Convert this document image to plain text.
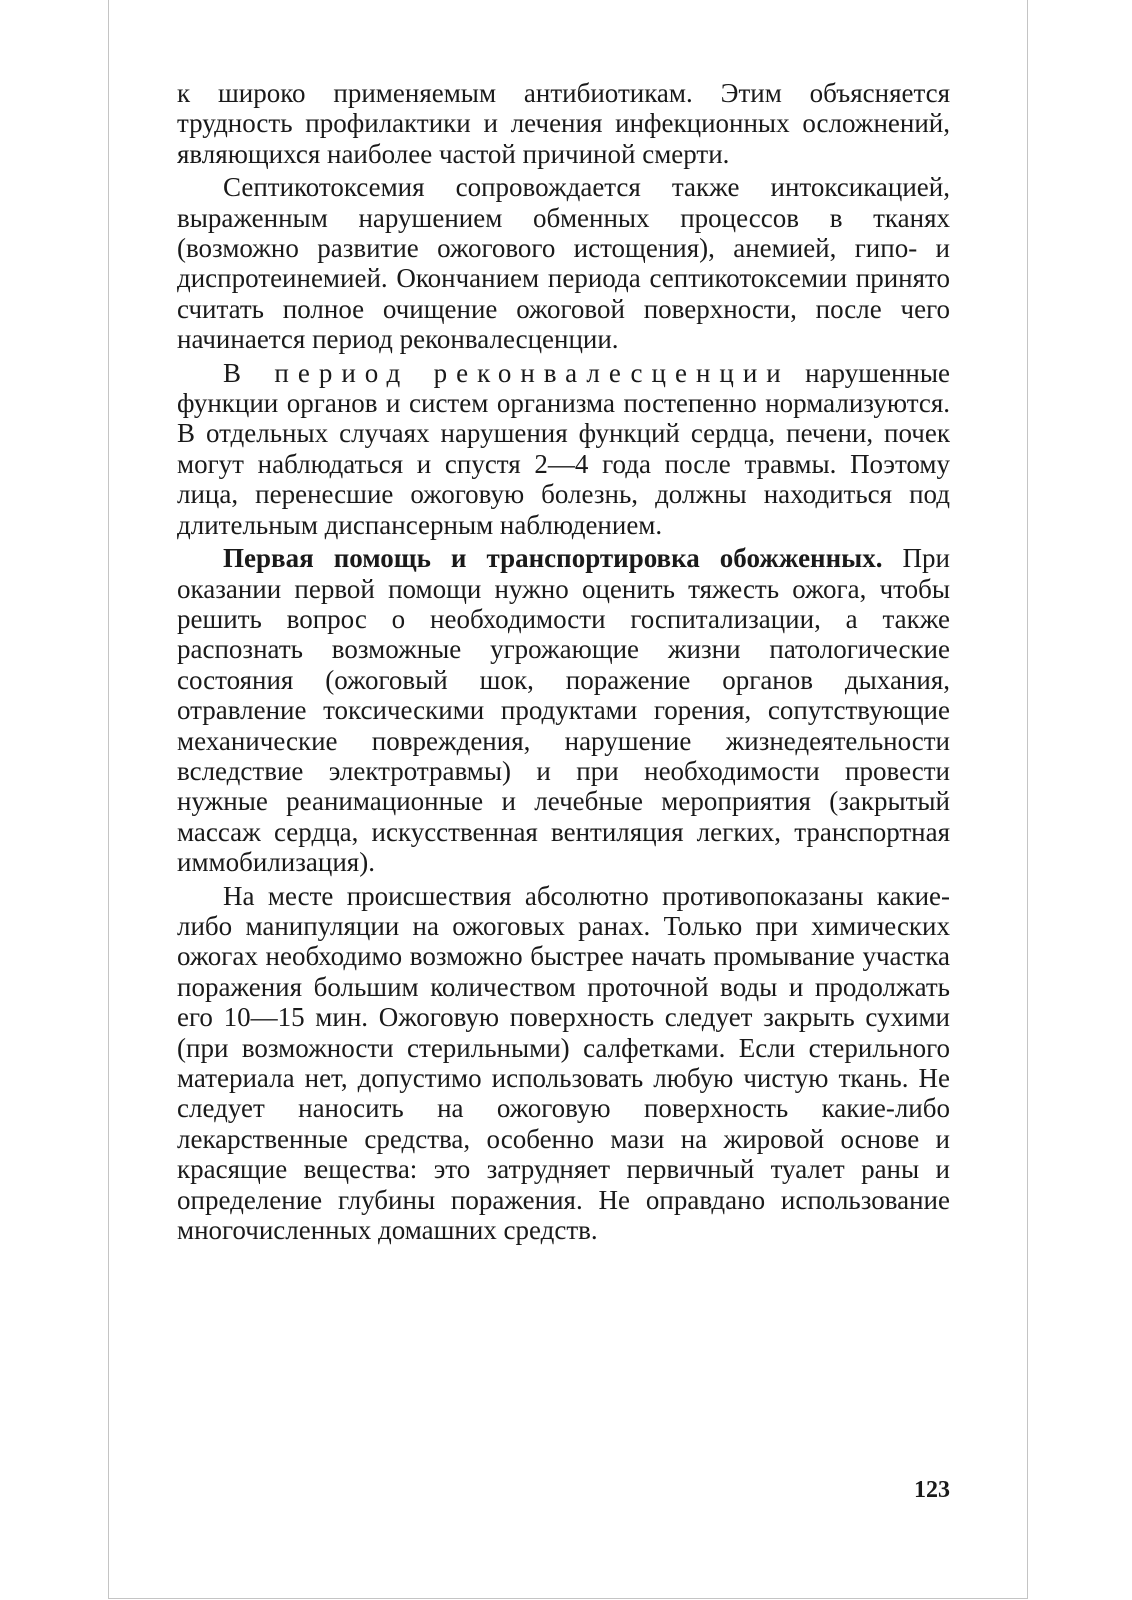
к широко применяемым антибиотикам. Этим объясняется трудность профилактики и лечения инфекционных осложнений, являющихся наиболее частой причиной смерти.

Септикотоксемия сопровождается также интоксикацией, выраженным нарушением обменных процессов в тканях (возможно развитие ожогового истощения), анемией, гипо- и диспротеинемией. Окончанием периода септикотоксемии принято считать полное очищение ожоговой поверхности, после чего начинается период реконвалесценции.

В период реконвалесценции нарушенные функции органов и систем организма постепенно нормализуются. В отдельных случаях нарушения функций сердца, печени, почек могут наблюдаться и спустя 2—4 года после травмы. Поэтому лица, перенесшие ожоговую болезнь, должны находиться под длительным диспансерным наблюдением.

Первая помощь и транспортировка обожженных. При оказании первой помощи нужно оценить тяжесть ожога, чтобы решить вопрос о необходимости госпитализации, а также распознать возможные угрожающие жизни патологические состояния (ожоговый шок, поражение органов дыхания, отравление токсическими продуктами горения, сопутствующие механические повреждения, нарушение жизнедеятельности вследствие электротравмы) и при необходимости провести нужные реанимационные и лечебные мероприятия (закрытый массаж сердца, искусственная вентиляция легких, транспортная иммобилизация).

На месте происшествия абсолютно противопоказаны какие-либо манипуляции на ожоговых ранах. Только при химических ожогах необходимо возможно быстрее начать промывание участка поражения большим количеством проточной воды и продолжать его 10—15 мин. Ожоговую поверхность следует закрыть сухими (при возможности стерильными) салфетками. Если стерильного материала нет, допустимо использовать любую чистую ткань. Не следует наносить на ожоговую поверхность какие-либо лекарственные средства, особенно мази на жировой основе и красящие вещества: это затрудняет первичный туалет раны и определение глубины поражения. Не оправдано использование многочисленных домашних средств.

123
